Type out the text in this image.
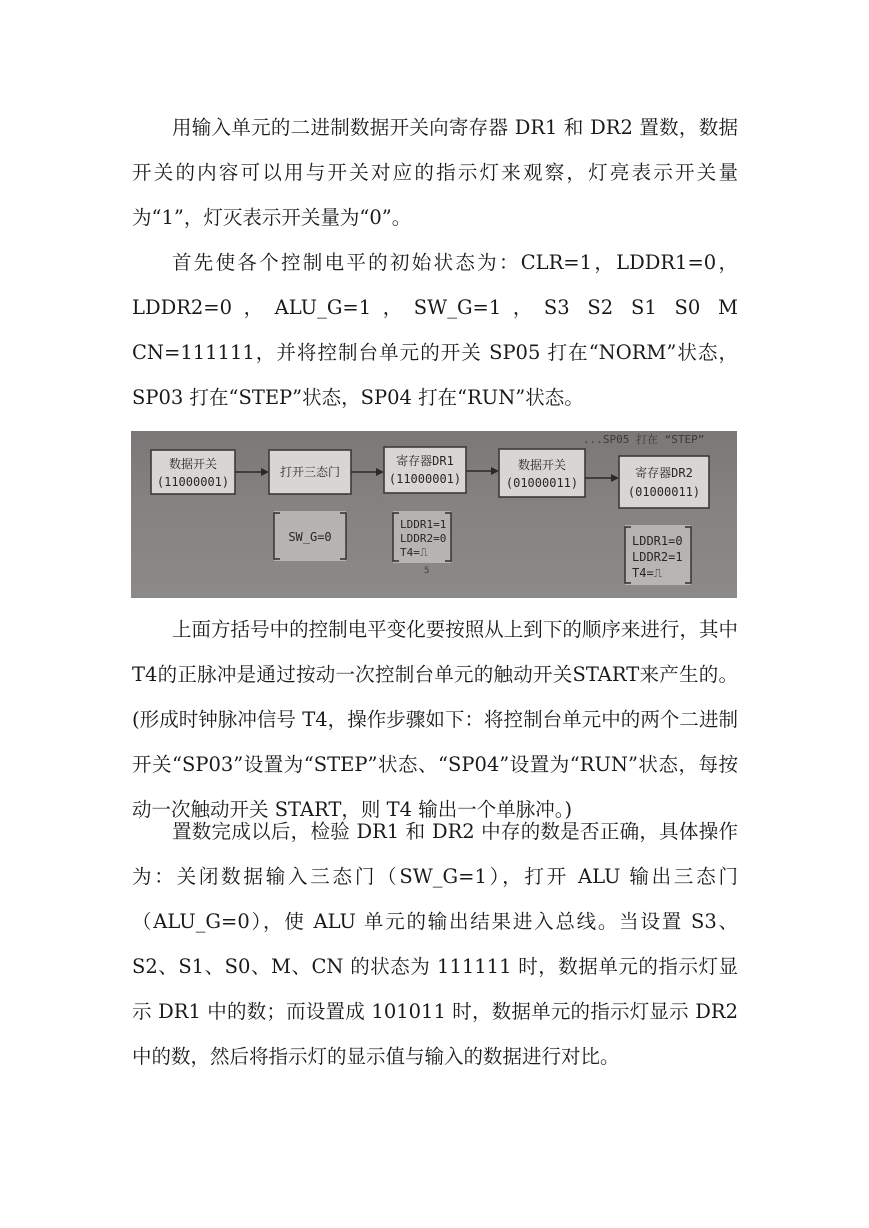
用输入单元的二进制数据开关向寄存器 DR1 和 DR2 置数，数据开关的内容可以用与开关对应的指示灯来观察，灯亮表示开关量为“1”，灯灭表示开关量为“0”。

首先使各个控制电平的初始状态为：CLR=1，LDDR1=0，LDDR2=0，ALU_G=1，SW_G=1，S3 S2 S1 S0 M CN=111111，并将控制台单元的开关 SP05 打在“NORM”状态，SP03 打在“STEP”状态，SP04 打在“RUN”状态。

...SP05 打在 “STEP”
数据开关
(11000001)
打开三态门
寄存器DR1
(11000001)
数据开关
(01000011)
寄存器DR2
(01000011)
SW_G=0
LDDR1=1
LDDR2=0
T4=⎍
5
LDDR1=0
LDDR2=1
T4=⎍

上面方括号中的控制电平变化要按照从上到下的顺序来进行，其中T4的正脉冲是通过按动一次控制台单元的触动开关START来产生的。(形成时钟脉冲信号 T4，操作步骤如下：将控制台单元中的两个二进制开关“SP03”设置为“STEP”状态、“SP04”设置为“RUN”状态，每按动一次触动开关 START，则 T4 输出一个单脉冲。)

置数完成以后，检验 DR1 和 DR2 中存的数是否正确，具体操作为：关闭数据输入三态门（SW_G=1），打开 ALU 输出三态门（ALU_G=0），使 ALU 单元的输出结果进入总线。当设置 S3、S2、S1、S0、M、CN 的状态为 111111 时，数据单元的指示灯显示 DR1 中的数；而设置成 101011 时，数据单元的指示灯显示 DR2 中的数，然后将指示灯的显示值与输入的数据进行对比。
